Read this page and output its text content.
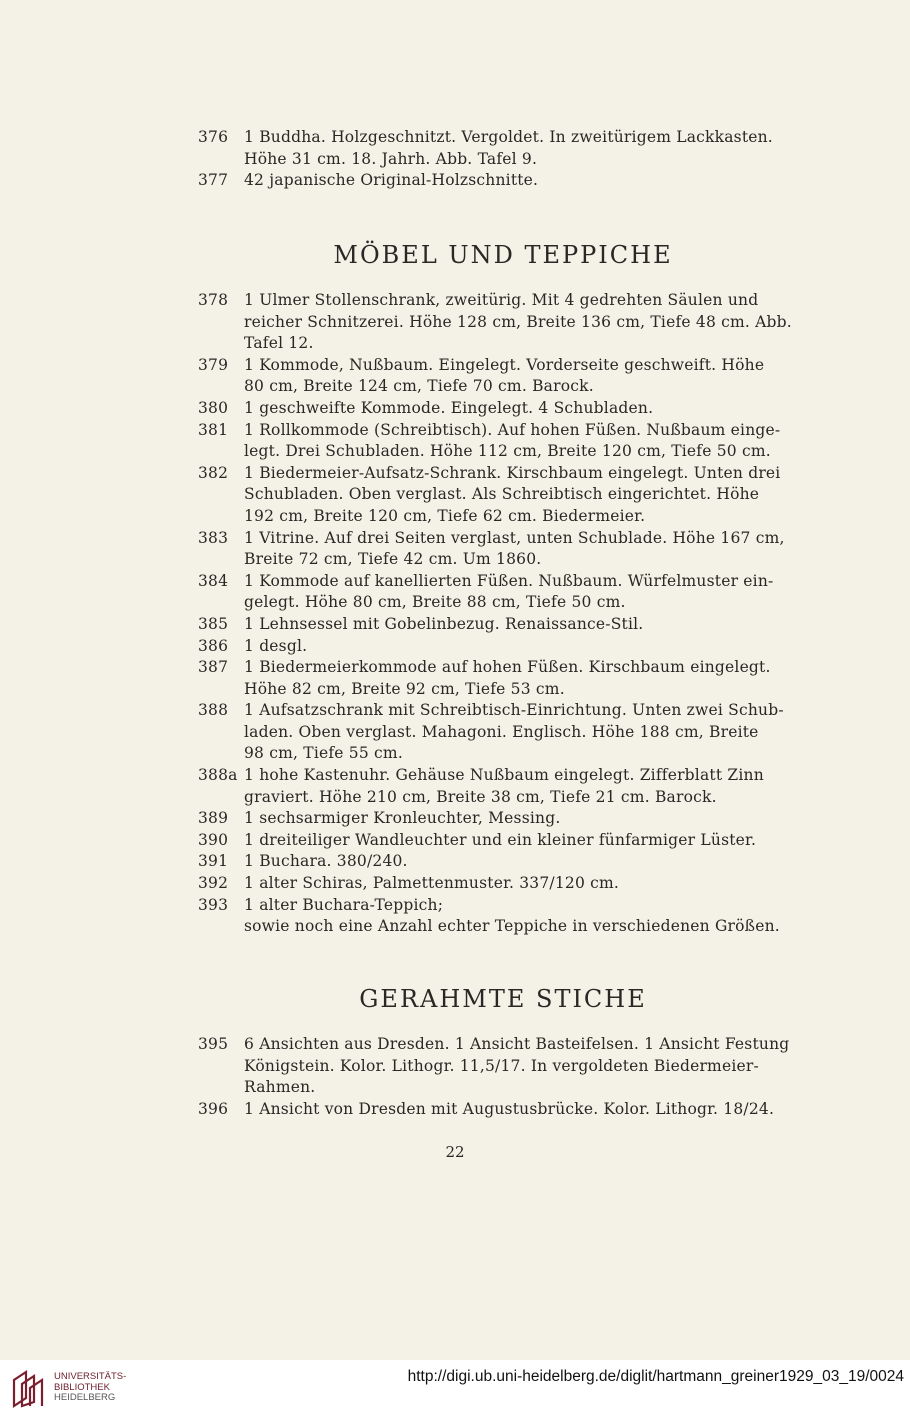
376	1 Buddha. Holzgeschnitzt. Vergoldet. In zweitürigem Lackkasten.
Höhe 31 cm. 18. Jahrh. Abb. Tafel 9.
377	42 japanische Original-Holzschnitte.
MÖBEL UND TEPPICHE
378	1 Ulmer Stollenschrank, zweitürig. Mit 4 gedrehten Säulen und
reicher Schnitzerei. Höhe 128 cm, Breite 136 cm, Tiefe 48 cm. Abb.
Tafel 12.
379	1 Kommode, Nußbaum. Eingelegt. Vorderseite geschweift. Höhe
80 cm, Breite 124 cm, Tiefe 70 cm. Barock.
380	1 geschweifte Kommode. Eingelegt. 4 Schubladen.
381	1 Rollkommode (Schreibtisch). Auf hohen Füßen. Nußbaum einge-
legt. Drei Schubladen. Höhe 112 cm, Breite 120 cm, Tiefe 50 cm.
382	1 Biedermeier-Aufsatz-Schrank. Kirschbaum eingelegt. Unten drei
Schubladen. Oben verglast. Als Schreibtisch eingerichtet. Höhe
192 cm, Breite 120 cm, Tiefe 62 cm. Biedermeier.
383	1 Vitrine. Auf drei Seiten verglast, unten Schublade. Höhe 167 cm,
Breite 72 cm, Tiefe 42 cm. Um 1860.
384	1 Kommode auf kanellierten Füßen. Nußbaum. Würfelmuster ein-
gelegt. Höhe 80 cm, Breite 88 cm, Tiefe 50 cm.
385	1 Lehnsessel mit Gobelinbezug. Renaissance-Stil.
386	1 desgl.
387	1 Biedermeierkommode auf hohen Füßen. Kirschbaum eingelegt.
Höhe 82 cm, Breite 92 cm, Tiefe 53 cm.
388	1 Aufsatzschrank mit Schreibtisch-Einrichtung. Unten zwei Schub-
laden. Oben verglast. Mahagoni. Englisch. Höhe 188 cm, Breite
98 cm, Tiefe 55 cm.
388a 1 hohe Kastenuhr. Gehäuse Nußbaum eingelegt. Zifferblatt Zinn
graviert. Höhe 210 cm, Breite 38 cm, Tiefe 21 cm. Barock.
389	1 sechsarmiger Kronleuchter, Messing.
390	1 dreiteiliger Wandleuchter und ein kleiner fünfarmiger Lüster.
391	1 Buchara. 380/240.
392	1 alter Schiras, Palmettenmuster. 337/120 cm.
393	1 alter Buchara-Teppich;
sowie noch eine Anzahl echter Teppiche in verschiedenen Größen.
GERAHMTE STICHE
395	6 Ansichten aus Dresden. 1 Ansicht Basteifelsen. 1 Ansicht Festung
Königstein. Kolor. Lithogr. 11,5/17. In vergoldeten Biedermeier-
Rahmen.
396	1 Ansicht von Dresden mit Augustusbrücke. Kolor. Lithogr. 18/24.
22
UNIVERSITÄTS-
BIBLIOTHEK
HEIDELBERG
http://digi.ub.uni-heidelberg.de/diglit/hartmann_greiner1929_03_19/0024
